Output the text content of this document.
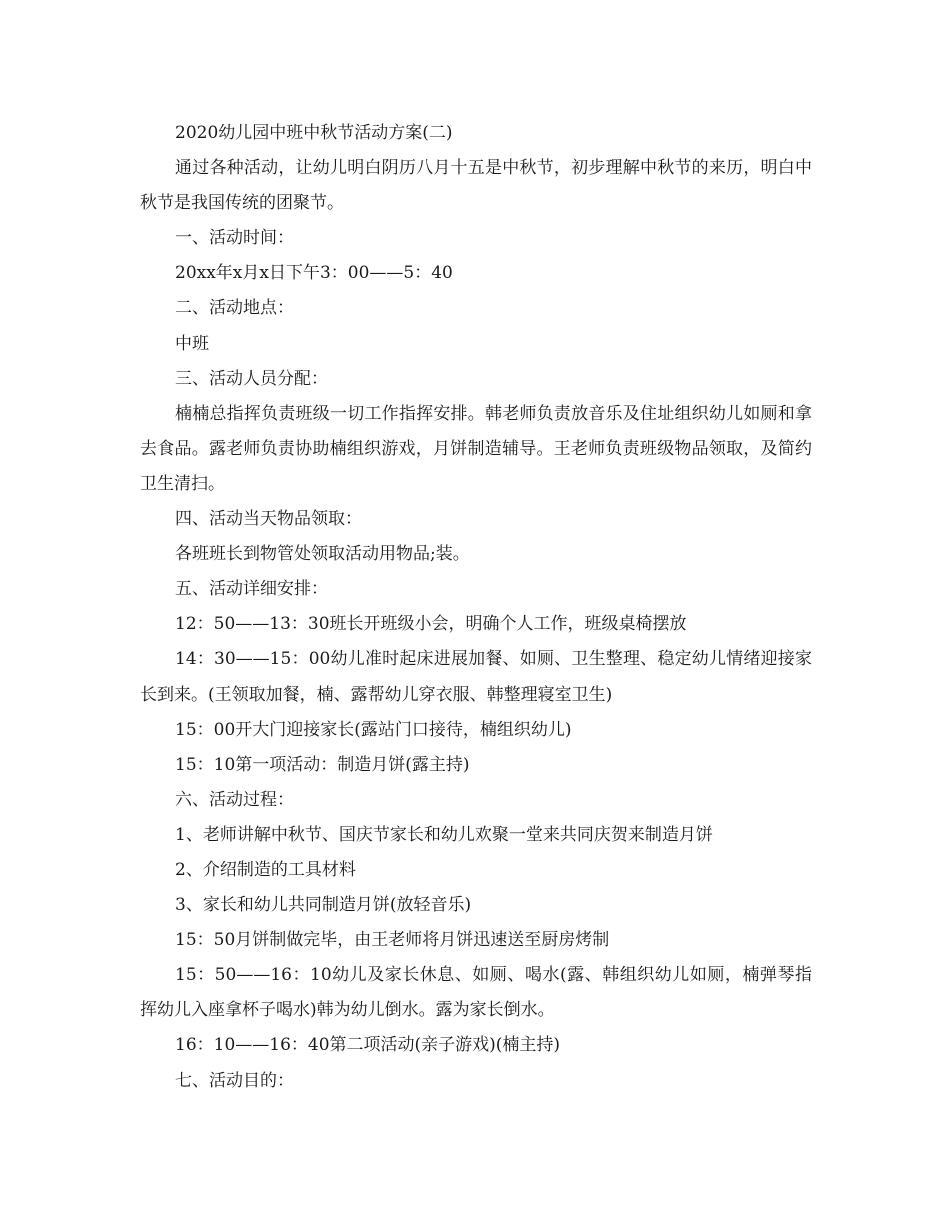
2020幼儿园中班中秋节活动方案(二)

通过各种活动，让幼儿明白阴历八月十五是中秋节，初步理解中秋节的来历，明白中秋节是我国传统的团聚节。

一、活动时间：

20xx年x月x日下午3：00——5：40

二、活动地点：

中班

三、活动人员分配：

楠楠总指挥负责班级一切工作指挥安排。韩老师负责放音乐及住址组织幼儿如厕和拿去食品。露老师负责协助楠组织游戏，月饼制造辅导。王老师负责班级物品领取，及简约卫生清扫。

四、活动当天物品领取：

各班班长到物管处领取活动用物品;装。

五、活动详细安排：

12：50——13：30班长开班级小会，明确个人工作，班级桌椅摆放

14：30——15：00幼儿准时起床进展加餐、如厕、卫生整理、稳定幼儿情绪迎接家长到来。(王领取加餐，楠、露帮幼儿穿衣服、韩整理寝室卫生)

15：00开大门迎接家长(露站门口接待，楠组织幼儿)

15：10第一项活动：制造月饼(露主持)

六、活动过程：

1、老师讲解中秋节、国庆节家长和幼儿欢聚一堂来共同庆贺来制造月饼

2、介绍制造的工具材料

3、家长和幼儿共同制造月饼(放轻音乐)

15：50月饼制做完毕，由王老师将月饼迅速送至厨房烤制

15：50——16：10幼儿及家长休息、如厕、喝水(露、韩组织幼儿如厕，楠弹琴指挥幼儿入座拿杯子喝水)韩为幼儿倒水。露为家长倒水。

16：10——16：40第二项活动(亲子游戏)(楠主持)

七、活动目的：
